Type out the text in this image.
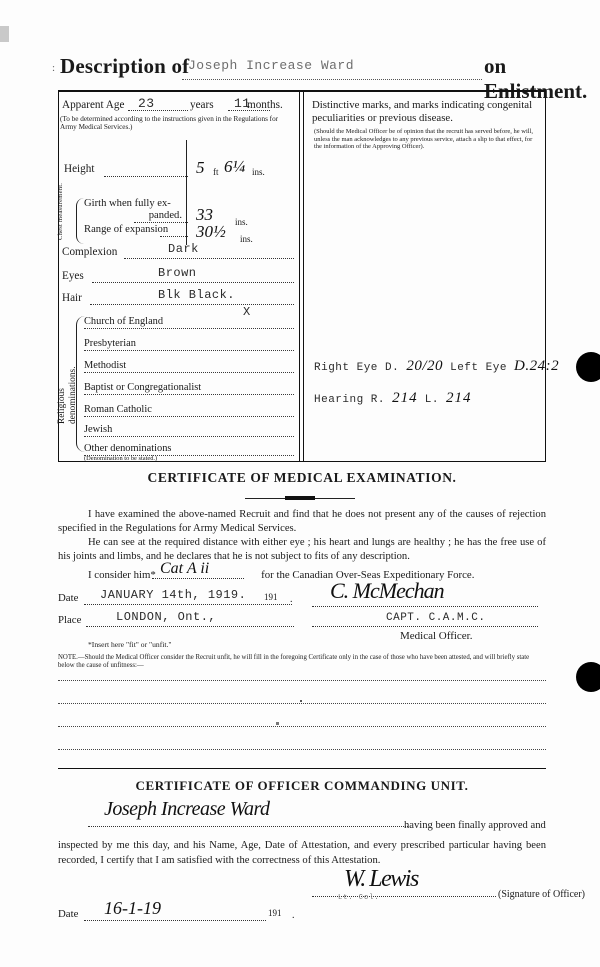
: Description of
Joseph Increase Ward	on Enlistment.
Apparent Age 23	years 11
months.
(To be determined according to the instructions given in the Regulations for Army Medical Services.)
Height	5 ft 6¼ ins.
Chest measurement. Girth when fully ex-
panded. 33 ins.
Range of expansion 30½ ins.
Complexion	Dark
Eyes	Brown
Hair	Blk Black.
Religious denominations.
X
Church of England
Presbyterian
Methodist
Baptist or Congregationalist
Roman Catholic
Jewish
Other denominations
(Denomination to be stated.)
Distinctive marks, and marks indicating congenital peculiarities or previous disease.
(Should the Medical Officer be of opinion that the recruit has served before, he will, unless the man acknowledges to any previous service, attach a slip to that effect, for the information of the Approving Officer).
Right Eye D. 20/20 Left Eye D.24:2
Hearing R. 214 L. 214
CERTIFICATE OF MEDICAL EXAMINATION.
I have examined the above-named Recruit and find that he does not present any of the causes of rejection specified in the Regulations for Army Medical Services.
He can see at the required distance with either eye ; his heart and lungs are healthy ; he has the free use of his joints and limbs, and he declares that he is not subject to fits of any description.
I consider him*	for the Canadian Over-Seas Expeditionary Force.
Cat A ii
Date JANUARY 14th, 1919. 191 . C. McMechan
Place	LONDON, Ont.,	CAPT. C.A.M.C.
Medical Officer.
*Insert here "fit" or "unfit."
NOTE.—Should the Medical Officer consider the Recruit unfit, he will fill in the foregoing Certificate only in the case of those who have been attested, and will briefly state below the cause of unfitness:—
CERTIFICATE OF OFFICER COMMANDING UNIT.
Joseph Increase Ward
having been finally approved and
inspected by me this day, and his Name, Age, Date of Attestation, and every prescribed particular having been recorded, I certify that I am satisfied with the correctness of this Attestation.
W. Lewis
Lt. Col.	(Signature of Officer)
Date 16-1-19	191 .
